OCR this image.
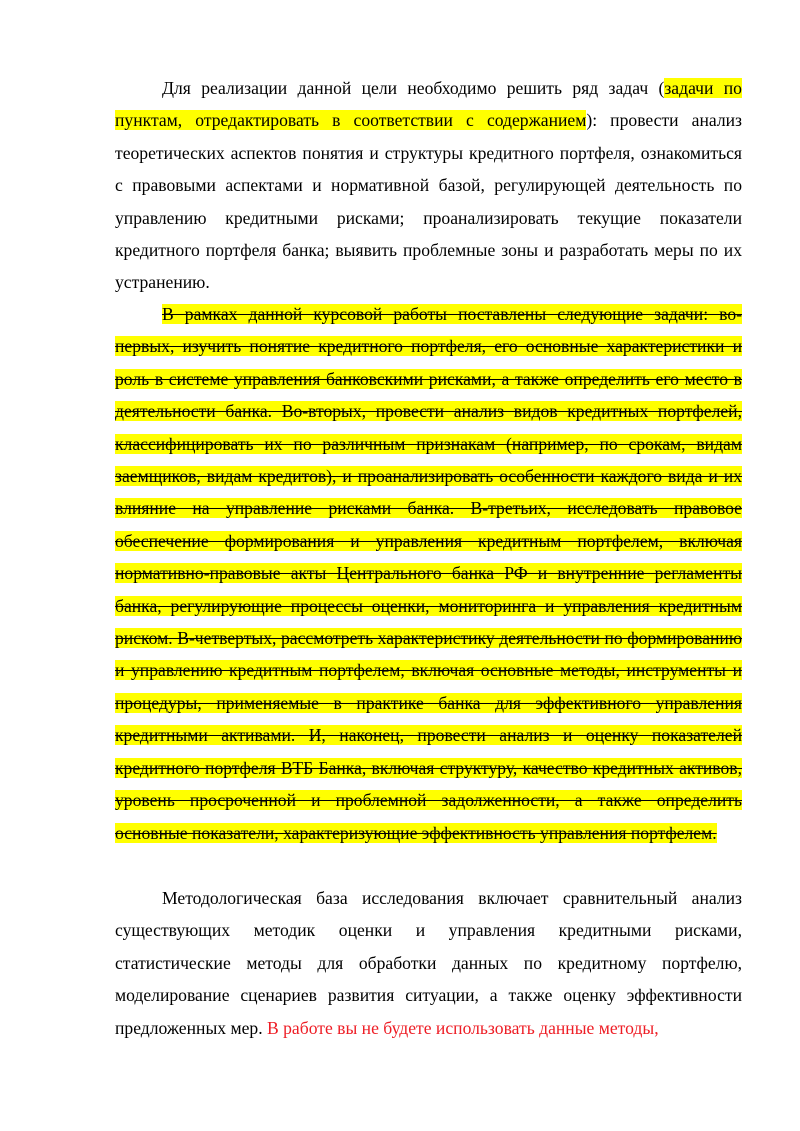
Для реализации данной цели необходимо решить ряд задач (задачи по пунктам, отредактировать в соответствии с содержанием): провести анализ теоретических аспектов понятия и структуры кредитного портфеля, ознакомиться с правовыми аспектами и нормативной базой, регулирующей деятельность по управлению кредитными рисками; проанализировать текущие показатели кредитного портфеля банка; выявить проблемные зоны и разработать меры по их устранению.

В рамках данной курсовой работы поставлены следующие задачи: во-первых, изучить понятие кредитного портфеля, его основные характеристики и роль в системе управления банковскими рисками, а также определить его место в деятельности банка. Во-вторых, провести анализ видов кредитных портфелей, классифицировать их по различным признакам (например, по срокам, видам заемщиков, видам кредитов), и проанализировать особенности каждого вида и их влияние на управление рисками банка. В-третьих, исследовать правовое обеспечение формирования и управления кредитным портфелем, включая нормативно-правовые акты Центрального банка РФ и внутренние регламенты банка, регулирующие процессы оценки, мониторинга и управления кредитным риском. В-четвертых, рассмотреть характеристику деятельности по формированию и управлению кредитным портфелем, включая основные методы, инструменты и процедуры, применяемые в практике банка для эффективного управления кредитными активами. И, наконец, провести анализ и оценку показателей кредитного портфеля ВТБ Банка, включая структуру, качество кредитных активов, уровень просроченной и проблемной задолженности, а также определить основные показатели, характеризующие эффективность управления портфелем.

Методологическая база исследования включает сравнительный анализ существующих методик оценки и управления кредитными рисками, статистические методы для обработки данных по кредитному портфелю, моделирование сценариев развития ситуации, а также оценку эффективности предложенных мер. В работе вы не будете использовать данные методы,
